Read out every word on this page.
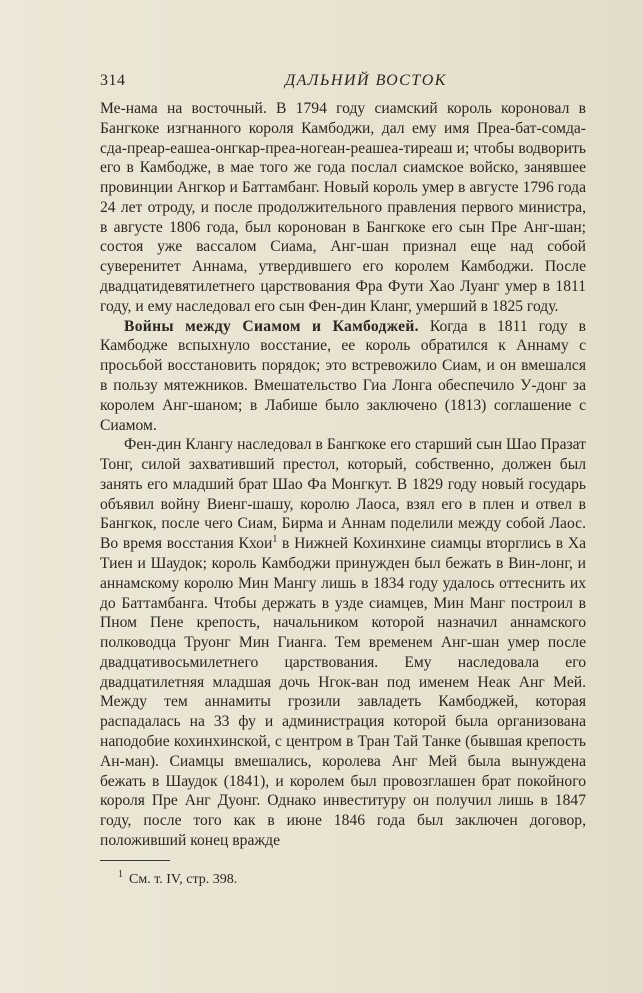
314	ДАЛЬНИЙ ВОСТОК

Ме-нама на восточный. В 1794 году сиамский король короновал в Бангкоке изгнанного короля Камбоджи, дал ему имя Преа-бат-сомда-сда-преар-еашеа-онгкар-преа-ногеан-реашеа-тиреаш и; чтобы водворить его в Камбодже, в мае того же года послал сиамское войско, занявшее провинции Ангкор и Баттамбанг. Новый король умер в августе 1796 года 24 лет отроду, и после продолжительного правления первого министра, в августе 1806 года, был коронован в Бангкоке его сын Пре Анг-шан; состоя уже вассалом Сиама, Анг-шан признал еще над собой суверенитет Аннама, утвердившего его королем Камбоджи. После двадцатидевятилетнего царствования Фра Фути Хао Луанг умер в 1811 году, и ему наследовал его сын Фен-дин Кланг, умерший в 1825 году.

Войны между Сиамом и Камбоджей. Когда в 1811 году в Камбодже вспыхнуло восстание, ее король обратился к Аннаму с просьбой восстановить порядок; это встревожило Сиам, и он вмешался в пользу мятежников. Вмешательство Гиа Лонга обеспечило У-донг за королем Анг-шаном; в Лабише было заключено (1813) соглашение с Сиамом.

Фен-дин Клангу наследовал в Бангкоке его старший сын Шао Празат Тонг, силой захвативший престол, который, собственно, должен был занять его младший брат Шао Фа Монгкут. В 1829 году новый государь объявил войну Виенг-шашу, королю Лаоса, взял его в плен и отвел в Бангкок, после чего Сиам, Бирма и Аннам поделили между собой Лаос. Во время восстания Кхои$^1$ в Нижней Кохинхине сиамцы вторглись в Ха Тиен и Шаудок; король Камбоджи принужден был бежать в Вин-лонг, и аннамскому королю Мин Мангу лишь в 1834 году удалось оттеснить их до Баттамбанга. Чтобы держать в узде сиамцев, Мин Манг построил в Пном Пене крепость, начальником которой назначил аннамского полководца Труонг Мин Гианга. Тем временем Анг-шан умер после двадцативосьмилетнего царствования. Ему наследовала его двадцатилетняя младшая дочь Нгок-ван под именем Неак Анг Мей. Между тем аннамиты грозили завладеть Камбоджей, которая распадалась на 33 фу и администрация которой была организована наподобие кохинхинской, с центром в Тран Тай Танке (бывшая крепость Ан-ман). Сиамцы вмешались, королева Анг Мей была вынуждена бежать в Шаудок (1841), и королем был провозглашен брат покойного короля Пре Анг Дуонг. Однако инвеституру он получил лишь в 1847 году, после того как в июне 1846 года был заключен договор, положивший конец вражде

$^1$ См. т. IV, стр. 398.
